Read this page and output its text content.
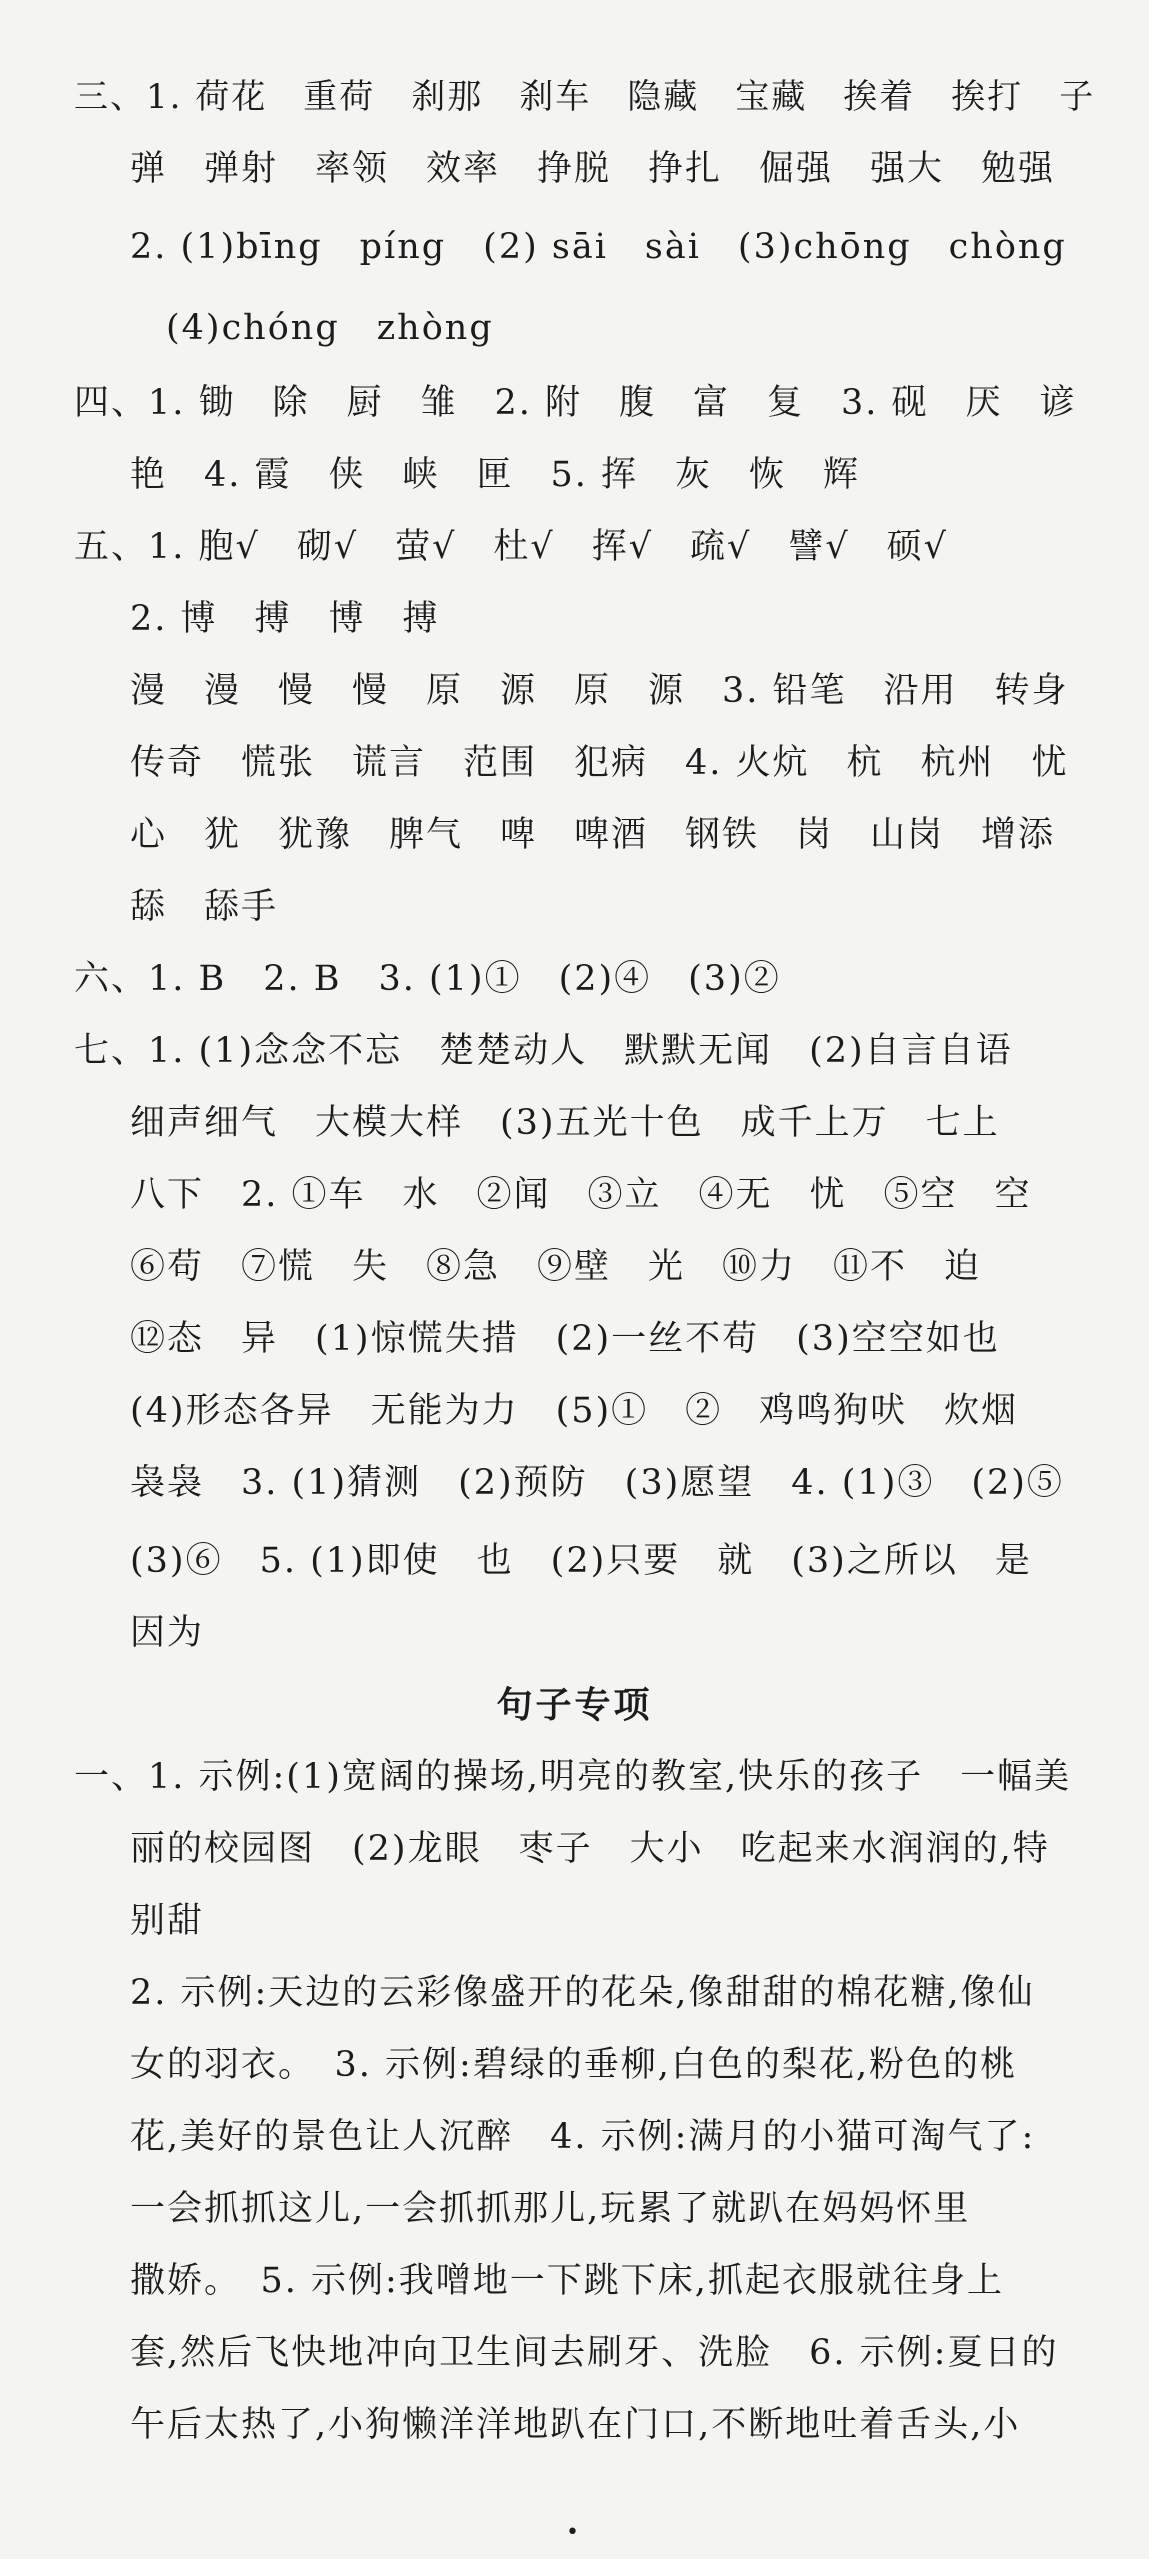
三、1. 荷花　重荷　刹那　刹车　隐藏　宝藏　挨着　挨打　子
弹　弹射　率领　效率　挣脱　挣扎　倔强　强大　勉强
2. (1)bīng　píng　(2) sāi　sài　(3)chōng　chòng
(4)chóng　zhòng
四、1. 锄　除　厨　雏　2. 附　腹　富　复　3. 砚　厌　谚
艳　4. 霞　侠　峡　匣　5. 挥　灰　恢　辉
五、1. 胞√　砌√　萤√　杜√　挥√　疏√　譬√　硕√
2. 博　搏　博　搏
漫　漫　慢　慢　原　源　原　源　3. 铅笔　沿用　转身
传奇　慌张　谎言　范围　犯病　4. 火炕　杭　杭州　忧
心　犹　犹豫　脾气　啤　啤酒　钢铁　岗　山岗　增添
舔　舔手
六、1. B　2. B　3. (1)①　(2)④　(3)②
七、1. (1)念念不忘　楚楚动人　默默无闻　(2)自言自语
细声细气　大模大样　(3)五光十色　成千上万　七上
八下　2. ①车　水　②闻　③立　④无　忧　⑤空　空
⑥苟　⑦慌　失　⑧急　⑨壁　光　⑩力　⑪不　迫
⑫态　异　(1)惊慌失措　(2)一丝不苟　(3)空空如也
(4)形态各异　无能为力　(5)①　②　鸡鸣狗吠　炊烟
袅袅　3. (1)猜测　(2)预防　(3)愿望　4. (1)③　(2)⑤
(3)⑥　5. (1)即使　也　(2)只要　就　(3)之所以　是
因为
句子专项
一、1. 示例:(1)宽阔的操场,明亮的教室,快乐的孩子　一幅美
丽的校园图　(2)龙眼　枣子　大小　吃起来水润润的,特
别甜
2. 示例:天边的云彩像盛开的花朵,像甜甜的棉花糖,像仙
女的羽衣。　3. 示例:碧绿的垂柳,白色的梨花,粉色的桃
花,美好的景色让人沉醉　4. 示例:满月的小猫可淘气了:
一会抓抓这儿,一会抓抓那儿,玩累了就趴在妈妈怀里
撒娇。　5. 示例:我噌地一下跳下床,抓起衣服就往身上
套,然后飞快地冲向卫生间去刷牙、洗脸　6. 示例:夏日的
午后太热了,小狗懒洋洋地趴在门口,不断地吐着舌头,小
•
